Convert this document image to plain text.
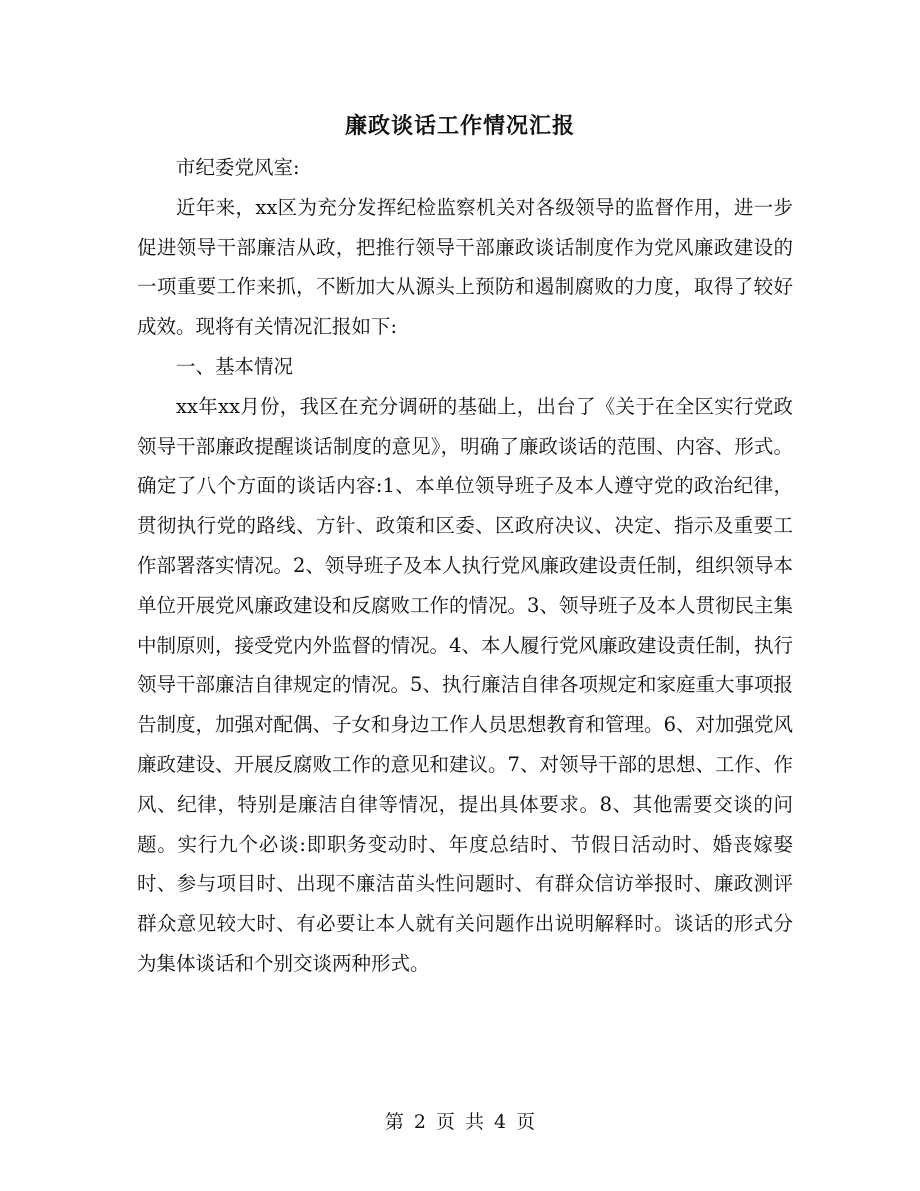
廉政谈话工作情况汇报

市纪委党风室:

近年来，xx区为充分发挥纪检监察机关对各级领导的监督作用，进一步促进领导干部廉洁从政，把推行领导干部廉政谈话制度作为党风廉政建设的一项重要工作来抓，不断加大从源头上预防和遏制腐败的力度，取得了较好成效。现将有关情况汇报如下:

一、基本情况

xx年xx月份，我区在充分调研的基础上，出台了《关于在全区实行党政领导干部廉政提醒谈话制度的意见》，明确了廉政谈话的范围、内容、形式。确定了八个方面的谈话内容:1、本单位领导班子及本人遵守党的政治纪律，贯彻执行党的路线、方针、政策和区委、区政府决议、决定、指示及重要工作部署落实情况。2、领导班子及本人执行党风廉政建设责任制，组织领导本单位开展党风廉政建设和反腐败工作的情况。3、领导班子及本人贯彻民主集中制原则，接受党内外监督的情况。4、本人履行党风廉政建设责任制，执行领导干部廉洁自律规定的情况。5、执行廉洁自律各项规定和家庭重大事项报告制度，加强对配偶、子女和身边工作人员思想教育和管理。6、对加强党风廉政建设、开展反腐败工作的意见和建议。7、对领导干部的思想、工作、作风、纪律，特别是廉洁自律等情况，提出具体要求。8、其他需要交谈的问题。实行九个必谈:即职务变动时、年度总结时、节假日活动时、婚丧嫁娶时、参与项目时、出现不廉洁苗头性问题时、有群众信访举报时、廉政测评群众意见较大时、有必要让本人就有关问题作出说明解释时。谈话的形式分为集体谈话和个别交谈两种形式。

第 2 页 共 4 页
